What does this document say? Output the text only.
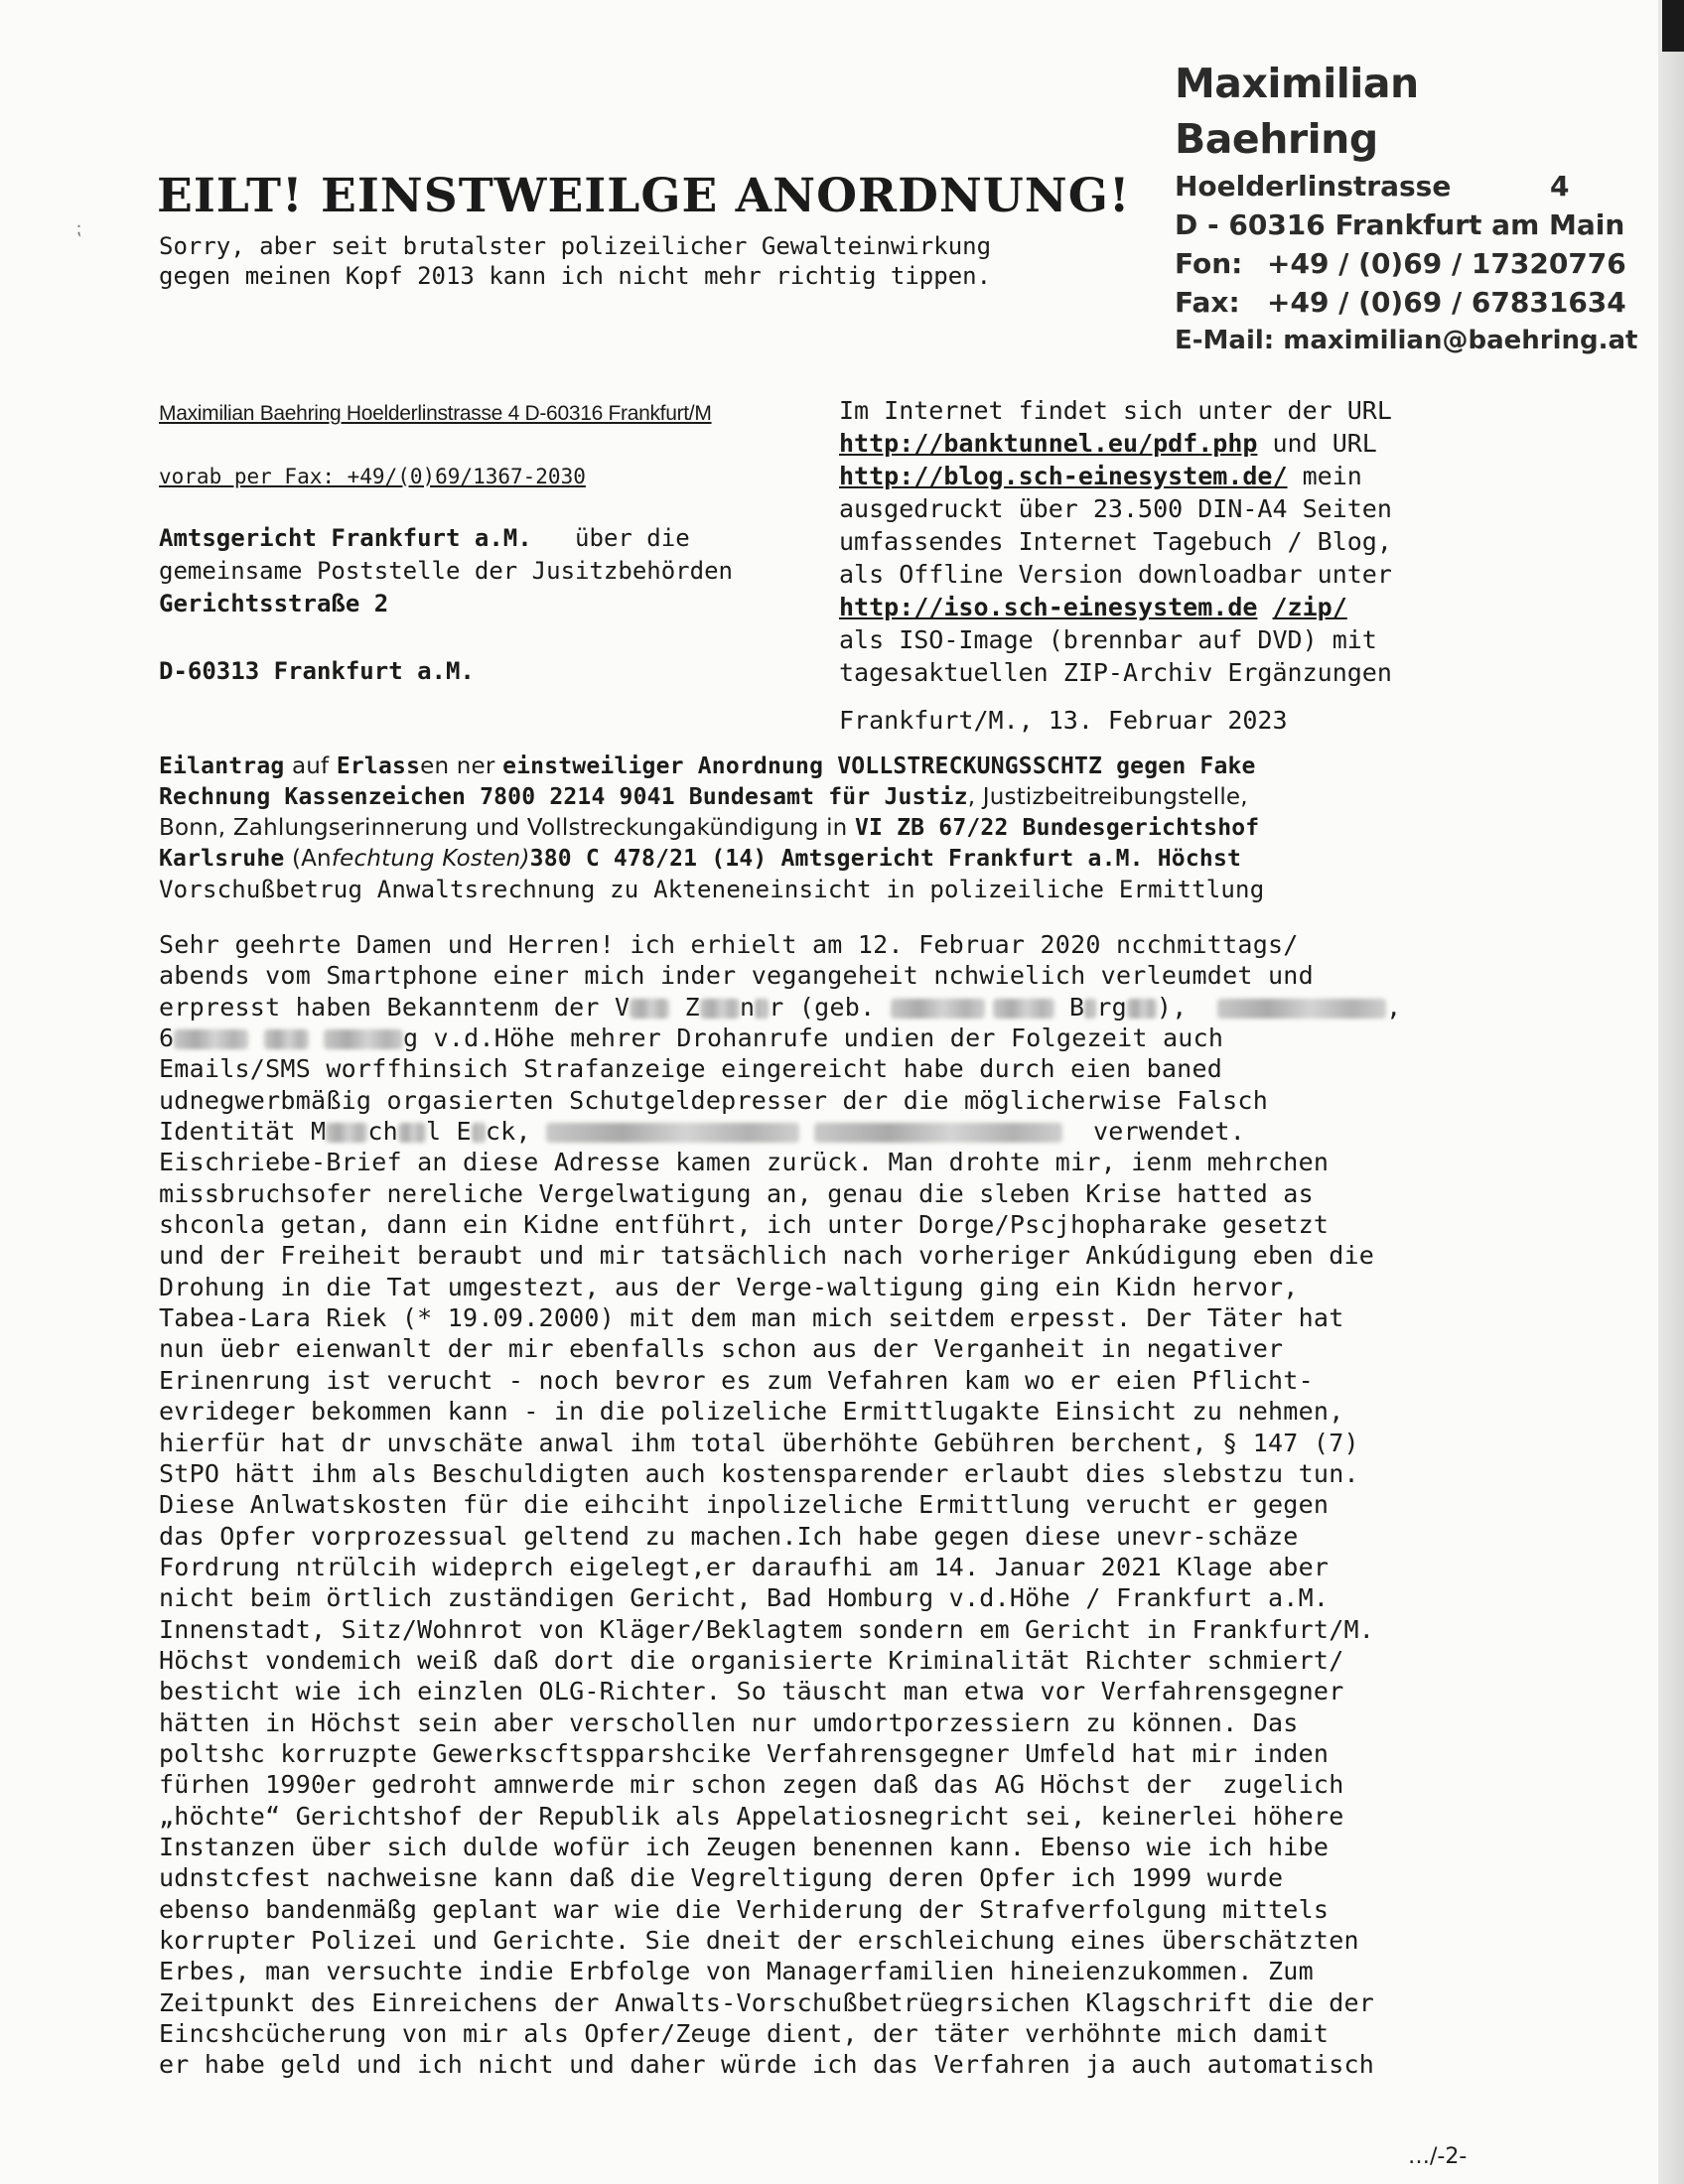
⁏
Maximilian Baehring
Hoelderlinstrasse	4
D - 60316 Frankfurt am Main
Fon: +49 / (0)69 / 17320776
Fax: +49 / (0)69 / 67831634
E-Mail: maximilian@baehring.at
EILT! EINSTWEILGE ANORDNUNG!
Sorry, aber seit brutalster polizeilicher Gewalteinwirkung
gegen meinen Kopf 2013 kann ich nicht mehr richtig tippen.
Maximilian Baehring Hoelderlinstrasse 4 D-60316 Frankfurt/M
vorab per Fax: +49/(0)69/1367-2030
Amtsgericht Frankfurt a.M. über die
gemeinsame Poststelle der Jusitzbehörden
Gerichtsstraße 2
D-60313 Frankfurt a.M.
Im Internet findet sich unter der URL
http://banktunnel.eu/pdf.php und URL
http://blog.sch-einesystem.de/ mein
ausgedruckt über 23.500 DIN-A4 Seiten
umfassendes Internet Tagebuch / Blog,
als Offline Version downloadbar unter
http://iso.sch-einesystem.de /zip/
als ISO-Image (brennbar auf DVD) mit
tagesaktuellen ZIP-Archiv Ergänzungen
Frankfurt/M., 13. Februar 2023
Eilantrag auf Erlassen ner einstweiliger Anordnung VOLLSTRECKUNGSSCHTZ gegen Fake
Rechnung Kassenzeichen 7800 2214 9041 Bundesamt für Justiz, Justizbeitreibungstelle,
Bonn, Zahlungserinnerung und Vollstreckungakündigung in VI ZB 67/22 Bundesgerichtshof
Karlsruhe (Anfechtung Kosten)380 C 478/21 (14) Amtsgericht Frankfurt a.M. Höchst
Vorschußbetrug Anwaltsrechnung zu Akteneneinsicht in polizeiliche Ermittlung
Sehr geehrte Damen und Herren! ich erhielt am 12. Februar 2020 ncchmittags/
abends vom Smartphone einer mich inder vegangeheit nchwielich verleumdet und
erpresst haben Bekanntenm der V Z n r (geb.	B rg ),	,
6	g v.d.Höhe mehrer Drohanrufe undien der Folgezeit auch
Emails/SMS worffhinsich Strafanzeige eingereicht habe durch eien baned
udnegwerbmäßig orgasierten Schutgeldepresser der die möglicherwise Falsch
Identität M ch l E ck,	verwendet.
Eischriebe-Brief an diese Adresse kamen zurück. Man drohte mir, ienm mehrchen
missbruchsofer nereliche Vergelwatigung an, genau die sleben Krise hatted as
shconla getan, dann ein Kidne entführt, ich unter Dorge/Pscjhopharake gesetzt
und der Freiheit beraubt und mir tatsächlich nach vorheriger Ankúdigung eben die
Drohung in die Tat umgestezt, aus der Verge-waltigung ging ein Kidn hervor,
Tabea-Lara Riek (* 19.09.2000) mit dem man mich seitdem erpesst. Der Täter hat
nun üebr eienwanlt der mir ebenfalls schon aus der Verganheit in negativer
Erinenrung ist verucht - noch bevror es zum Vefahren kam wo er eien Pflicht-
evrideger bekommen kann - in die polizeliche Ermittlugakte Einsicht zu nehmen,
hierfür hat dr unvschäte anwal ihm total überhöhte Gebühren berchent, § 147 (7)
StPO hätt ihm als Beschuldigten auch kostensparender erlaubt dies slebstzu tun.
Diese Anlwatskosten für die eihciht inpolizeliche Ermittlung verucht er gegen
das Opfer vorprozessual geltend zu machen.Ich habe gegen diese unevr-schäze
Fordrung ntrülcih wideprch eigelegt,er daraufhi am 14. Januar 2021 Klage aber
nicht beim örtlich zuständigen Gericht, Bad Homburg v.d.Höhe / Frankfurt a.M.
Innenstadt, Sitz/Wohnrot von Kläger/Beklagtem sondern em Gericht in Frankfurt/M.
Höchst vondemich weiß daß dort die organisierte Kriminalität Richter schmiert/
besticht wie ich einzlen OLG-Richter. So täuscht man etwa vor Verfahrensgegner
hätten in Höchst sein aber verschollen nur umdortporzessiern zu können. Das
poltshc korruzpte Gewerkscftspparshcike Verfahrensgegner Umfeld hat mir inden
fürhen 1990er gedroht amnwerde mir schon zegen daß das AG Höchst der  zugelich
„höchte“ Gerichtshof der Republik als Appelatiosnegricht sei, keinerlei höhere
Instanzen über sich dulde wofür ich Zeugen benennen kann. Ebenso wie ich hibe
udnstcfest nachweisne kann daß die Vegreltigung deren Opfer ich 1999 wurde
ebenso bandenmäßg geplant war wie die Verhiderung der Strafverfolgung mittels
korrupter Polizei und Gerichte. Sie dneit der erschleichung eines überschätzten
Erbes, man versuchte indie Erbfolge von Managerfamilien hineienzukommen. Zum
Zeitpunkt des Einreichens der Anwalts-Vorschußbetrüegrsichen Klagschrift die der
Eincshcücherung von mir als Opfer/Zeuge dient, der täter verhöhnte mich damit
er habe geld und ich nicht und daher würde ich das Verfahren ja auch automatisch
…/-2-
